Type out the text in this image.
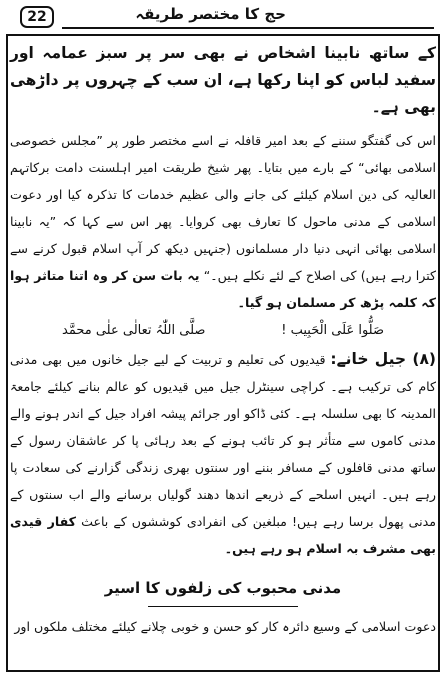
22	حج کا مختصر طریقہ

کے ساتھ نابینا اشخاص نے بھی سر پر سبز عمامہ اور سفید لباس کو اپنا رکھا ہے، ان سب کے چہروں پر داڑھی بھی ہے۔

اس کی گفتگو سننے کے بعد امیر قافلہ نے اسے مختصر طور پر ”مجلس خصوصی اسلامی بھائی“ کے بارے میں بتایا۔ پھر شیخ طریقت امیر اہلسنت دامت برکاتہم العالیہ کی دین اسلام کیلئے کی جانے والی عظیم خدمات کا تذکرہ کیا اور دعوت اسلامی کے مدنی ماحول کا تعارف بھی کروایا۔ پھر اس سے کہا کہ ”یہ نابینا اسلامی بھائی انہی دنیا دار مسلمانوں (جنہیں دیکھ کر آپ اسلام قبول کرنے سے کترا رہے ہیں) کی اصلاح کے لئے نکلے ہیں۔“ یہ بات سن کر وہ اتنا متاثر ہوا کہ کلمہ پڑھ کر مسلمان ہو گیا۔

صَلُّوا عَلَى الْحَبِيب !
صلَّی اللّٰہُ تعالٰی علٰی محمَّد

(۸) جیل خانے: قیدیوں کی تعلیم و تربیت کے لیے جیل خانوں میں بھی مدنی کام کی ترکیب ہے۔ کراچی سینٹرل جیل میں قیدیوں کو عالم بنانے کیلئے جامعۃ المدینہ کا بھی سلسلہ ہے۔ کئی ڈاکو اور جرائم پیشہ افراد جیل کے اندر ہونے والے مدنی کاموں سے متأثر ہو کر تائب ہونے کے بعد رہائی پا کر عاشقان رسول کے ساتھ مدنی قافلوں کے مسافر بننے اور سنتوں بھری زندگی گزارنے کی سعادت پا رہے ہیں۔ انہیں اسلحے کے ذریعے اندھا دھند گولیاں برسانے والے اب سنتوں کے مدنی پھول برسا رہے ہیں! مبلغین کی انفرادی کوششوں کے باعث کفار قیدی بھی مشرف بہ اسلام ہو رہے ہیں۔

مدنی محبوب کی زلفوں کا اسیر

دعوت اسلامی کے وسیع دائرہ کار کو حسن و خوبی چلانے کیلئے مختلف ملکوں اور
